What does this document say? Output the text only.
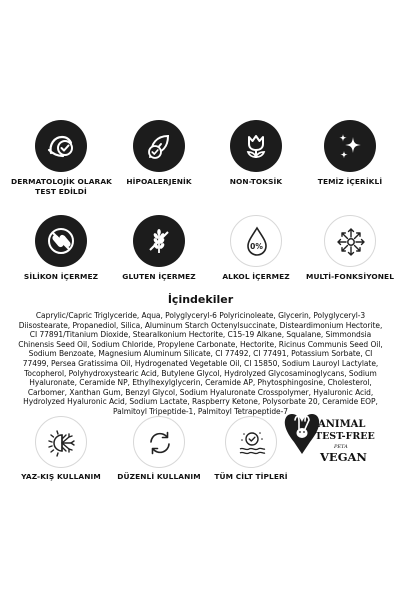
DERMATOLOJİK OLARAK
TEST EDİLDİ
HİPOALERJENİK	NON-TOKSİK	TEMİZ İÇERİKLİ
SİLİKON İÇERMEZ	GLUTEN İÇERMEZ
0%
ALKOL İÇERMEZ	MULTİ-FONKSİYONEL
İçindekiler
Caprylic/Capric Triglyceride, Aqua, Polyglyceryl-6 Polyricinoleate, Glycerin, Polyglyceryl-3 Diisostearate, Propanediol, Silica, Aluminum Starch Octenylsuccinate, Disteardimonium Hectorite, CI 77891/Titanium Dioxide, Stearalkonium Hectorite, C15-19 Alkane, Squalane, Simmondsia Chinensis Seed Oil, Sodium Chloride, Propylene Carbonate, Hectorite, Ricinus Communis Seed Oil, Sodium Benzoate, Magnesium Aluminum Silicate, CI 77492, CI 77491, Potassium Sorbate, CI 77499, Persea Gratissima Oil, Hydrogenated Vegetable Oil, CI 15850, Sodium Lauroyl Lactylate, Tocopherol, Polyhydroxystearic Acid, Butylene Glycol, Hydrolyzed Glycosaminoglycans, Sodium Hyaluronate, Ceramide NP, Ethylhexylglycerin, Ceramide AP, Phytosphingosine, Cholesterol, Carbomer, Xanthan Gum, Benzyl Glycol, Sodium Hyaluronate Crosspolymer, Hyaluronic Acid, Hydrolyzed Hyaluronic Acid, Sodium Lactate, Raspberry Ketone, Polysorbate 20, Ceramide EOP, Palmitoyl Tripeptide-1, Palmitoyl Tetrapeptide-7
YAZ-KIŞ KULLANIM	DÜZENLİ KULLANIM	TÜM CİLT TİPLERİ
ANIMAL
TEST-FREE
PETA
VEGAN
